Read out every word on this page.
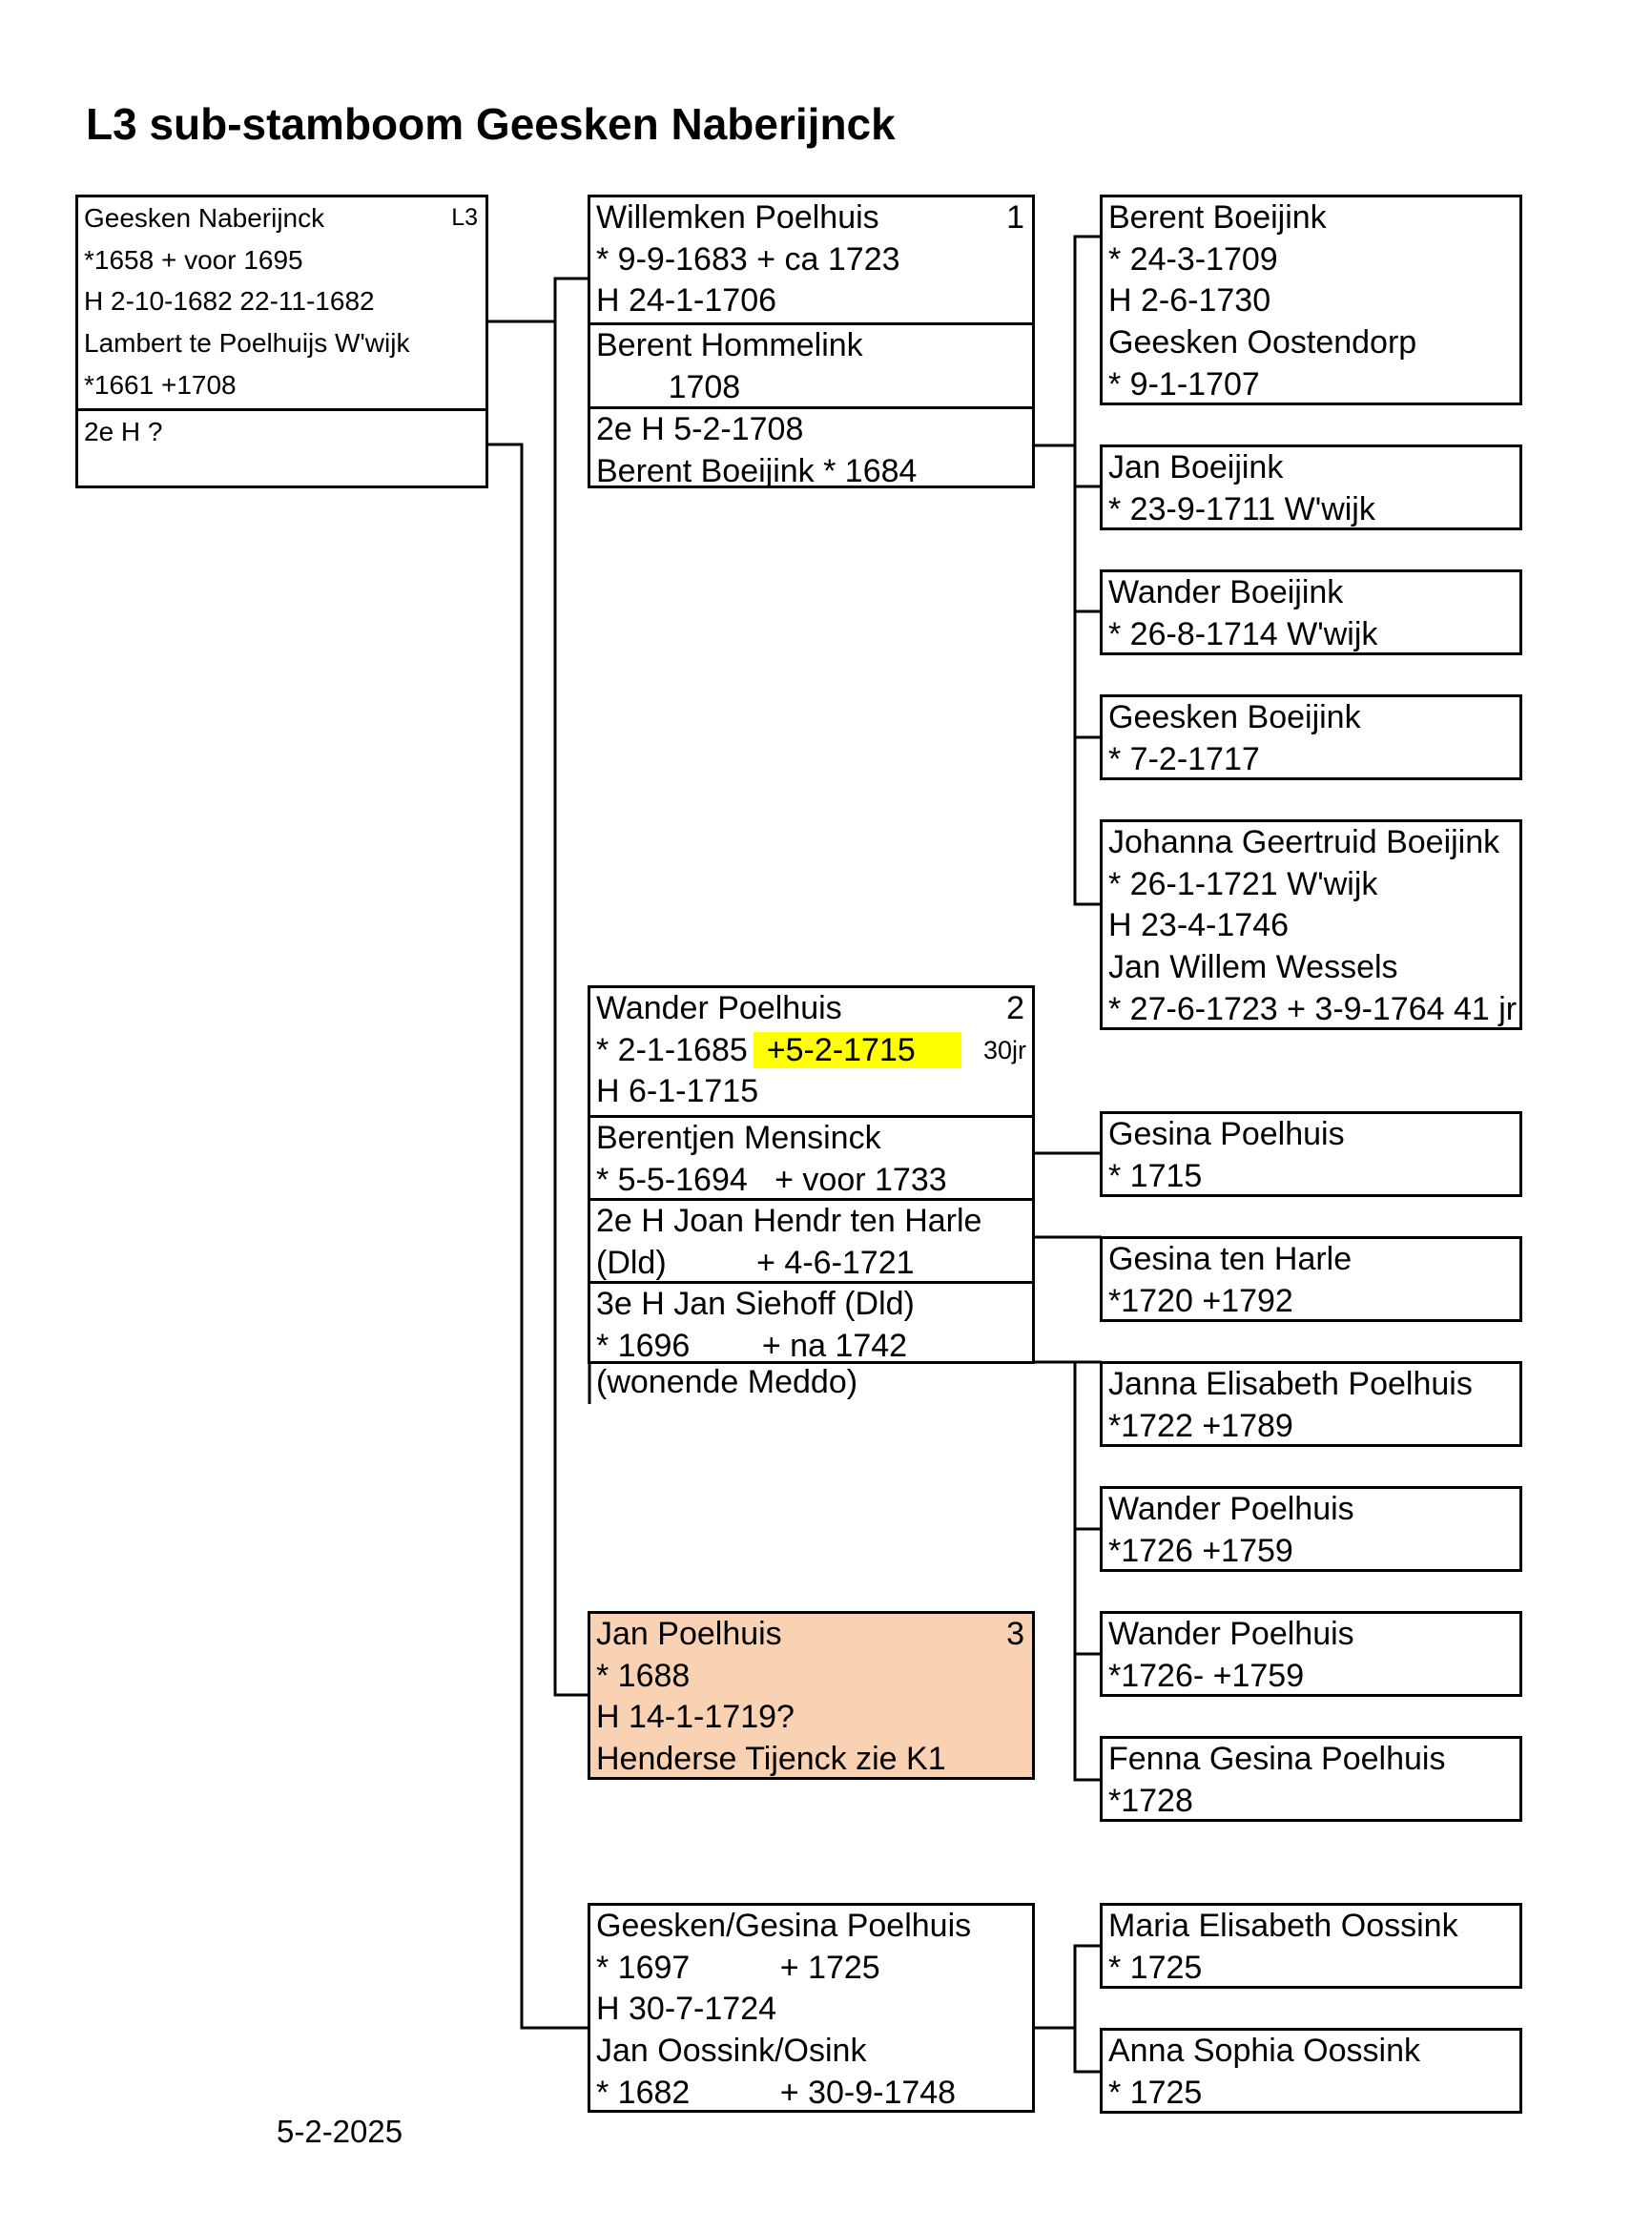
L3 sub-stamboom Geesken Naberijnck
Geesken Naberijnck	L3
*1658 + voor 1695
H 2-10-1682 22-11-1682
Lambert te Poelhuijs W'wijk
*1661 +1708
2e H ?
Willemken Poelhuis	1
* 9-9-1683 + ca 1723
H 24-1-1706
Berent Hommelink
1708
2e H 5-2-1708
Berent Boeijink * 1684
Wander Poelhuis	2
* 2-1-1685 +5-2-1715	30jr
H 6-1-1715
Berentjen Mensinck
* 5-5-1694   + voor 1733
2e H Joan Hendr ten Harle
(Dld)          + 4-6-1721
3e H Jan Siehoff (Dld)
* 1696        + na 1742
(wonende Meddo)
Jan Poelhuis	3
* 1688
H 14-1-1719?
Henderse Tijenck zie K1
Geesken/Gesina Poelhuis
* 1697          + 1725
H 30-7-1724
Jan Oossink/Osink
* 1682          + 30-9-1748
Berent Boeijink
* 24-3-1709
H 2-6-1730
Geesken Oostendorp
* 9-1-1707
Jan Boeijink
* 23-9-1711 W'wijk
Wander Boeijink
* 26-8-1714 W'wijk
Geesken Boeijink
* 7-2-1717
Johanna Geertruid Boeijink
* 26-1-1721 W'wijk
H 23-4-1746
Jan Willem Wessels
* 27-6-1723 + 3-9-1764 41 jr
Gesina Poelhuis
* 1715
Gesina ten Harle
*1720 +1792
Janna Elisabeth Poelhuis
*1722 +1789
Wander Poelhuis
*1726 +1759
Wander Poelhuis
*1726- +1759
Fenna Gesina Poelhuis
*1728
Maria Elisabeth Oossink
* 1725
Anna Sophia Oossink
* 1725
5-2-2025
